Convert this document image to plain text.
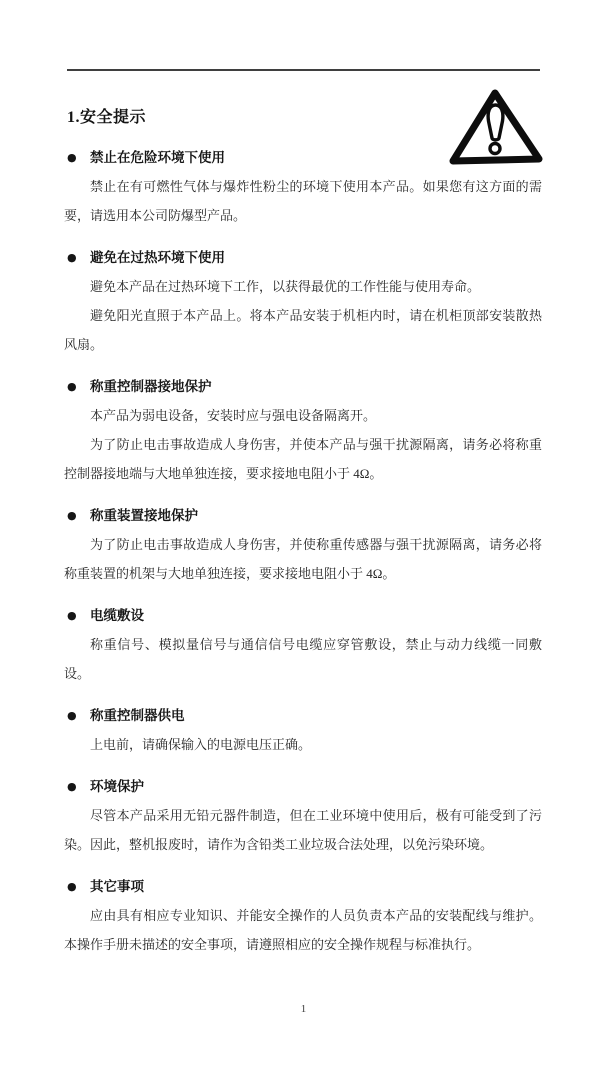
1.安全提示
● 禁止在危险环境下使用

禁止在有可燃性气体与爆炸性粉尘的环境下使用本产品。如果您有这方面的需要，请选用本公司防爆型产品。

● 避免在过热环境下使用

避免本产品在过热环境下工作，以获得最优的工作性能与使用寿命。

避免阳光直照于本产品上。将本产品安装于机柜内时，请在机柜顶部安装散热风扇。

● 称重控制器接地保护

本产品为弱电设备，安装时应与强电设备隔离开。

为了防止电击事故造成人身伤害，并使本产品与强干扰源隔离，请务必将称重控制器接地端与大地单独连接，要求接地电阻小于 4Ω。

● 称重装置接地保护

为了防止电击事故造成人身伤害，并使称重传感器与强干扰源隔离，请务必将称重装置的机架与大地单独连接，要求接地电阻小于 4Ω。

● 电缆敷设

称重信号、模拟量信号与通信信号电缆应穿管敷设，禁止与动力线缆一同敷设。

● 称重控制器供电

上电前，请确保输入的电源电压正确。

● 环境保护

尽管本产品采用无铅元器件制造，但在工业环境中使用后，极有可能受到了污染。因此，整机报废时，请作为含铅类工业垃圾合法处理，以免污染环境。

● 其它事项

应由具有相应专业知识、并能安全操作的人员负责本产品的安装配线与维护。本操作手册未描述的安全事项，请遵照相应的安全操作规程与标准执行。

1
